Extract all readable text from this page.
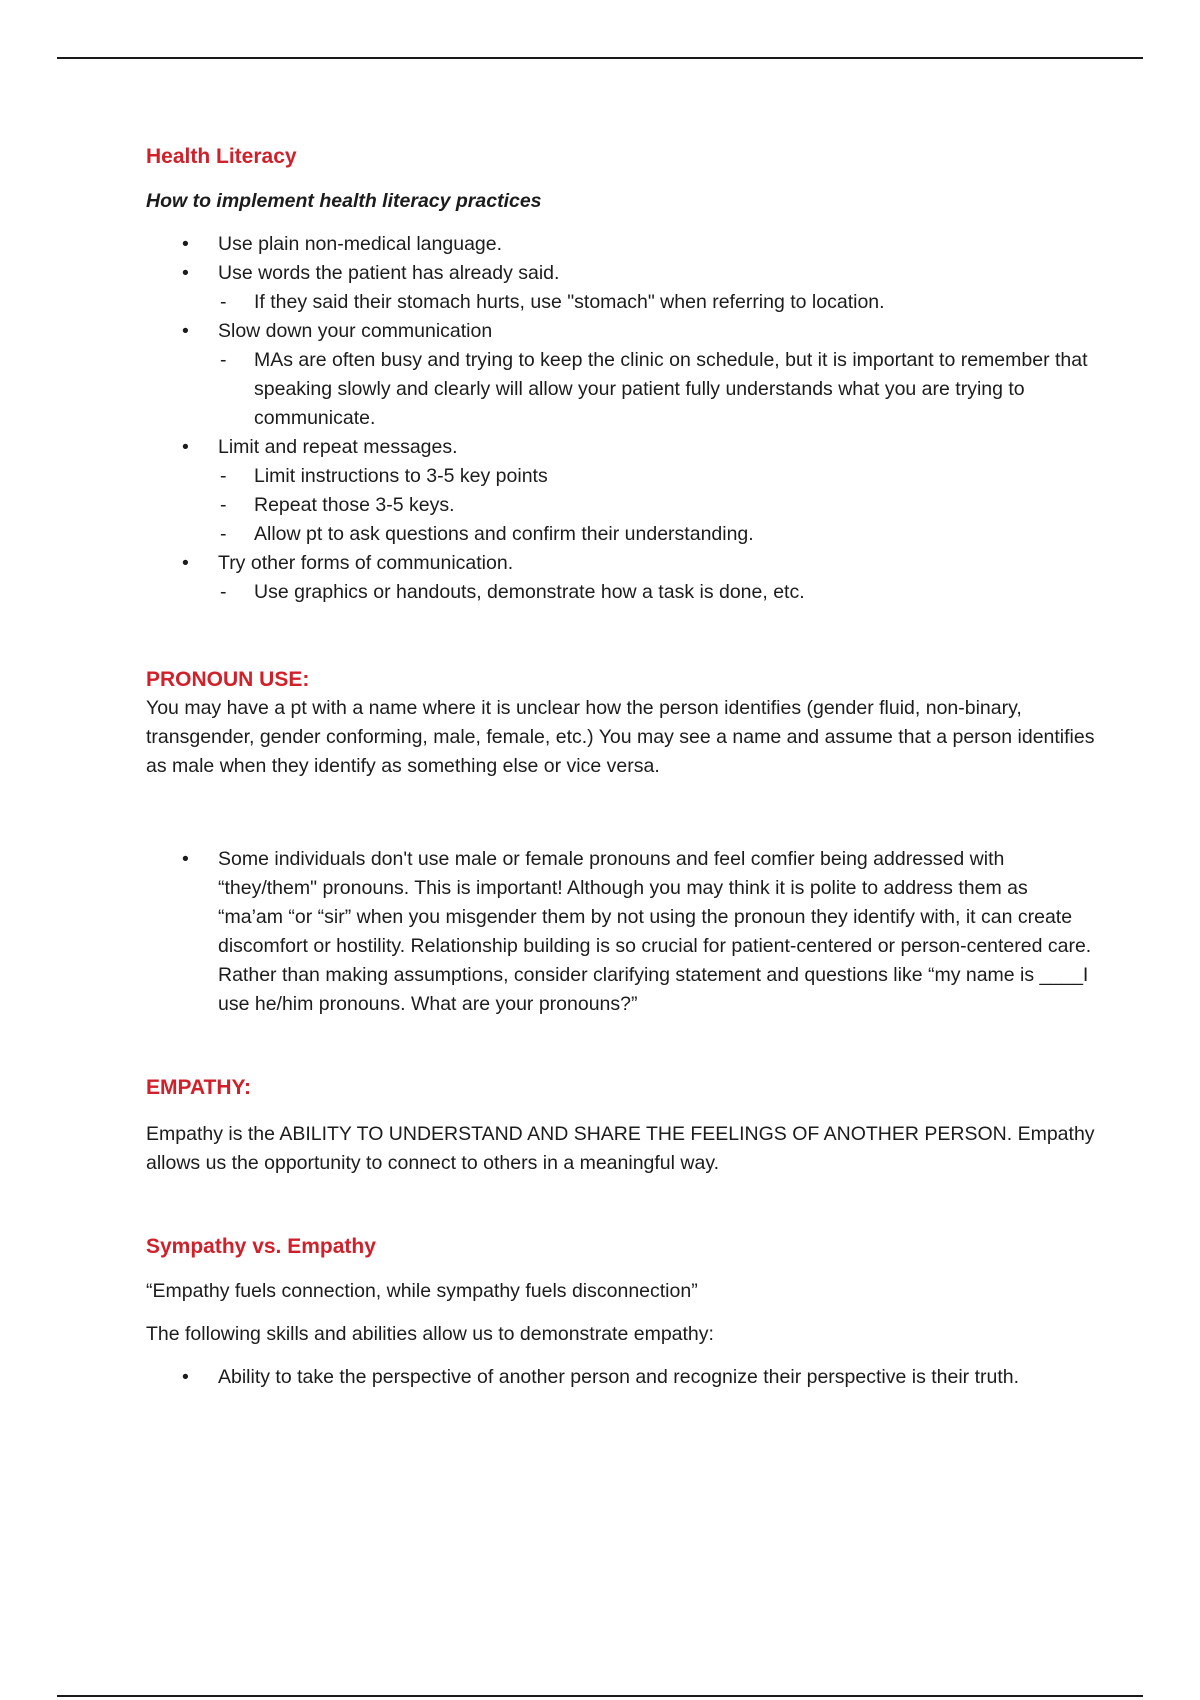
Health Literacy

How to implement health literacy practices

• Use plain non-medical language.
• Use words the patient has already said.
- If they said their stomach hurts, use "stomach" when referring to location.
• Slow down your communication
- MAs are often busy and trying to keep the clinic on schedule, but it is important to remember that speaking slowly and clearly will allow your patient fully understands what you are trying to communicate.
• Limit and repeat messages.
- Limit instructions to 3-5 key points
- Repeat those 3-5 keys.
- Allow pt to ask questions and confirm their understanding.
• Try other forms of communication.
- Use graphics or handouts, demonstrate how a task is done, etc.
PRONOUN USE:

You may have a pt with a name where it is unclear how the person identifies (gender fluid, non-binary, transgender, gender conforming, male, female, etc.) You may see a name and assume that a person identifies as male when they identify as something else or vice versa.

• Some individuals don't use male or female pronouns and feel comfier being addressed with “they/them" pronouns. This is important! Although you may think it is polite to address them as “ma’am “or “sir” when you misgender them by not using the pronoun they identify with, it can create discomfort or hostility. Relationship building is so crucial for patient-centered or person-centered care. Rather than making assumptions, consider clarifying statement and questions like “my name is ____I use he/him pronouns. What are your pronouns?”
EMPATHY:

Empathy is the ABILITY TO UNDERSTAND AND SHARE THE FEELINGS OF ANOTHER PERSON. Empathy allows us the opportunity to connect to others in a meaningful way.

Sympathy vs. Empathy

“Empathy fuels connection, while sympathy fuels disconnection”

The following skills and abilities allow us to demonstrate empathy:

• Ability to take the perspective of another person and recognize their perspective is their truth.
